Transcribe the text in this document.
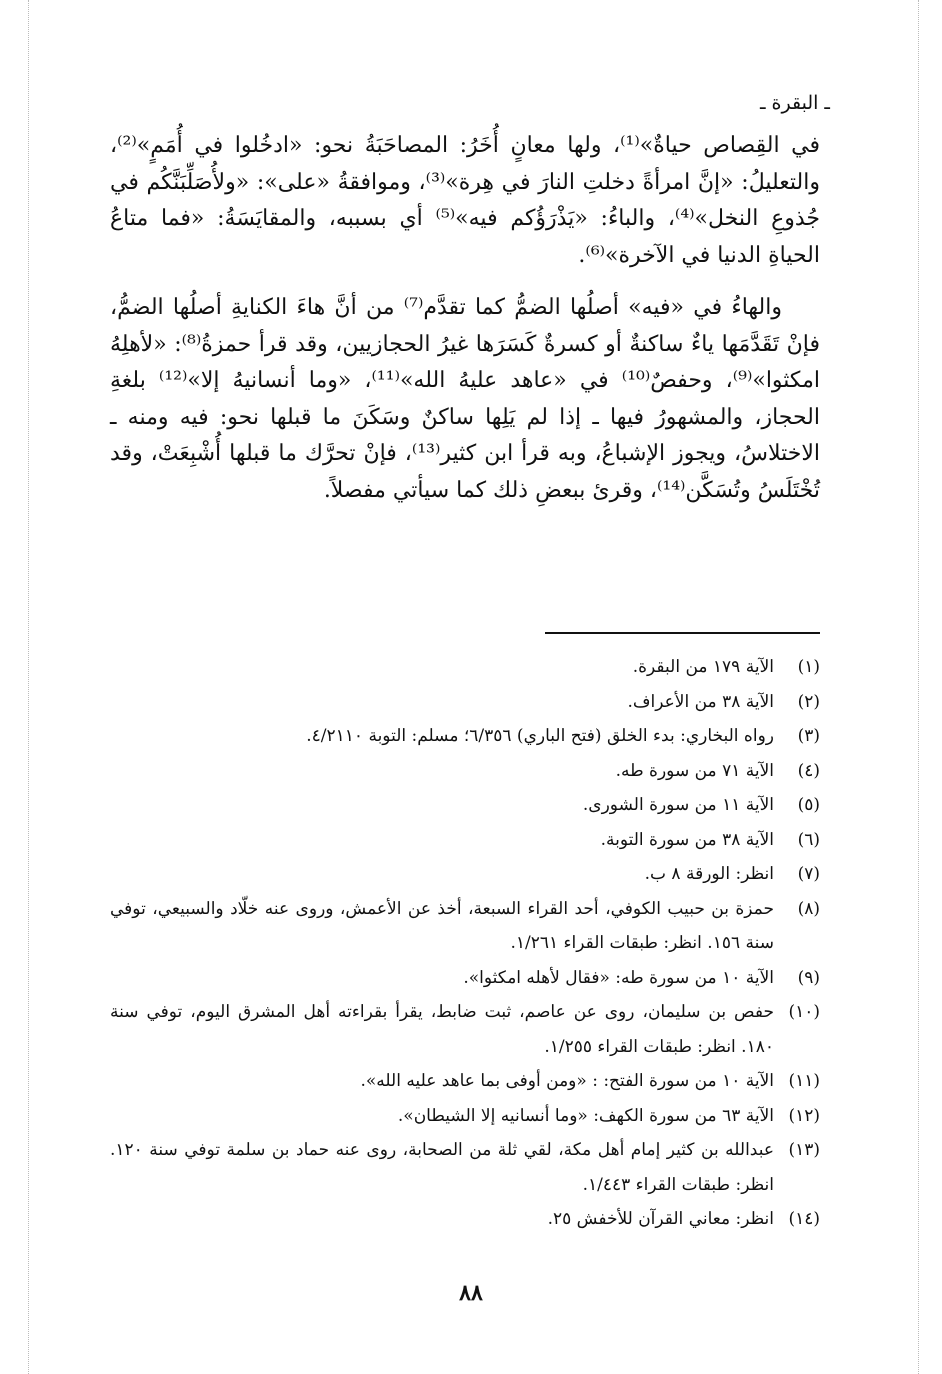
ـ البقرة ـ

في القِصاص حياةٌ»⁽¹⁾، ولها معانٍ أُخَرُ: المصاحَبَةُ نحو: «ادخُلوا في أُمَمٍ»⁽²⁾، والتعليلُ: «إنَّ امرأةً دخلتِ النارَ في هِرة»⁽³⁾، وموافقةُ «على»: «ولأُصَلِّبَنَّكُم في جُذوعِ النخل»⁽⁴⁾، والباءُ: «يَذْرَؤُكم فيه»⁽⁵⁾ أي بسببه، والمقايَسَةُ: «فما متاعُ الحياةِ الدنيا في الآخرة»⁽⁶⁾.

والهاءُ في «فيه» أصلُها الضمُّ كما تقدَّم⁽⁷⁾ من أنَّ هاءَ الكنايةِ أصلُها الضمُّ، فإنْ تَقَدَّمَها ياءٌ ساكنةٌ أو كسرةٌ كَسَرَها غيرُ الحجازيين، وقد قرأ حمزةُ⁽⁸⁾: «لأهلِهُ امكثوا»⁽⁹⁾، وحفصٌ⁽¹⁰⁾ في «عاهد عليهُ الله»⁽¹¹⁾، «وما أنسانيهُ إلا»⁽¹²⁾ بلغةِ الحجاز، والمشهورُ فيها ـ إذا لم يَلِها ساكنٌ وسَكَنَ ما قبلها نحو: فيه ومنه ـ الاختلاسُ، ويجوز الإشباعُ، وبه قرأ ابن كثير⁽¹³⁾، فإنْ تحرَّك ما قبلها أُشْبِعَتْ، وقد تُخْتَلَسُ وتُسَكَّن⁽¹⁴⁾، وقرئ ببعضِ ذلك كما سيأتي مفصلاً.

(١)
الآية ١٧٩ من البقرة.
(٢)
الآية ٣٨ من الأعراف.
(٣)
رواه البخاري: بدء الخلق (فتح الباري) ٦/٣٥٦؛ مسلم: التوبة ٤/٢١١٠.
(٤)
الآية ٧١ من سورة طه.
(٥)
الآية ١١ من سورة الشورى.
(٦)
الآية ٣٨ من سورة التوبة.
(٧)
انظر: الورقة ٨ ب.
(٨)
حمزة بن حبيب الكوفي، أحد القراء السبعة، أخذ عن الأعمش، وروى عنه خلّاد والسبيعي، توفي سنة ١٥٦. انظر: طبقات القراء ١/٢٦١.
(٩)
الآية ١٠ من سورة طه: «فقال لأهله امكثوا».
(١٠)
حفص بن سليمان، روى عن عاصم، ثبت ضابط، يقرأ بقراءته أهل المشرق اليوم، توفي سنة ١٨٠. انظر: طبقات القراء ١/٢٥٥.
(١١)
الآية ١٠ من سورة الفتح: : «ومن أوفى بما عاهد عليه الله».
(١٢)
الآية ٦٣ من سورة الكهف: «وما أنسانيه إلا الشيطان».
(١٣)
عبدالله بن كثير إمام أهل مكة، لقي ثلة من الصحابة، روى عنه حماد بن سلمة توفي سنة ١٢٠. انظر: طبقات القراء ١/٤٤٣.
(١٤)
انظر: معاني القرآن للأخفش ٢٥.
٨٨
